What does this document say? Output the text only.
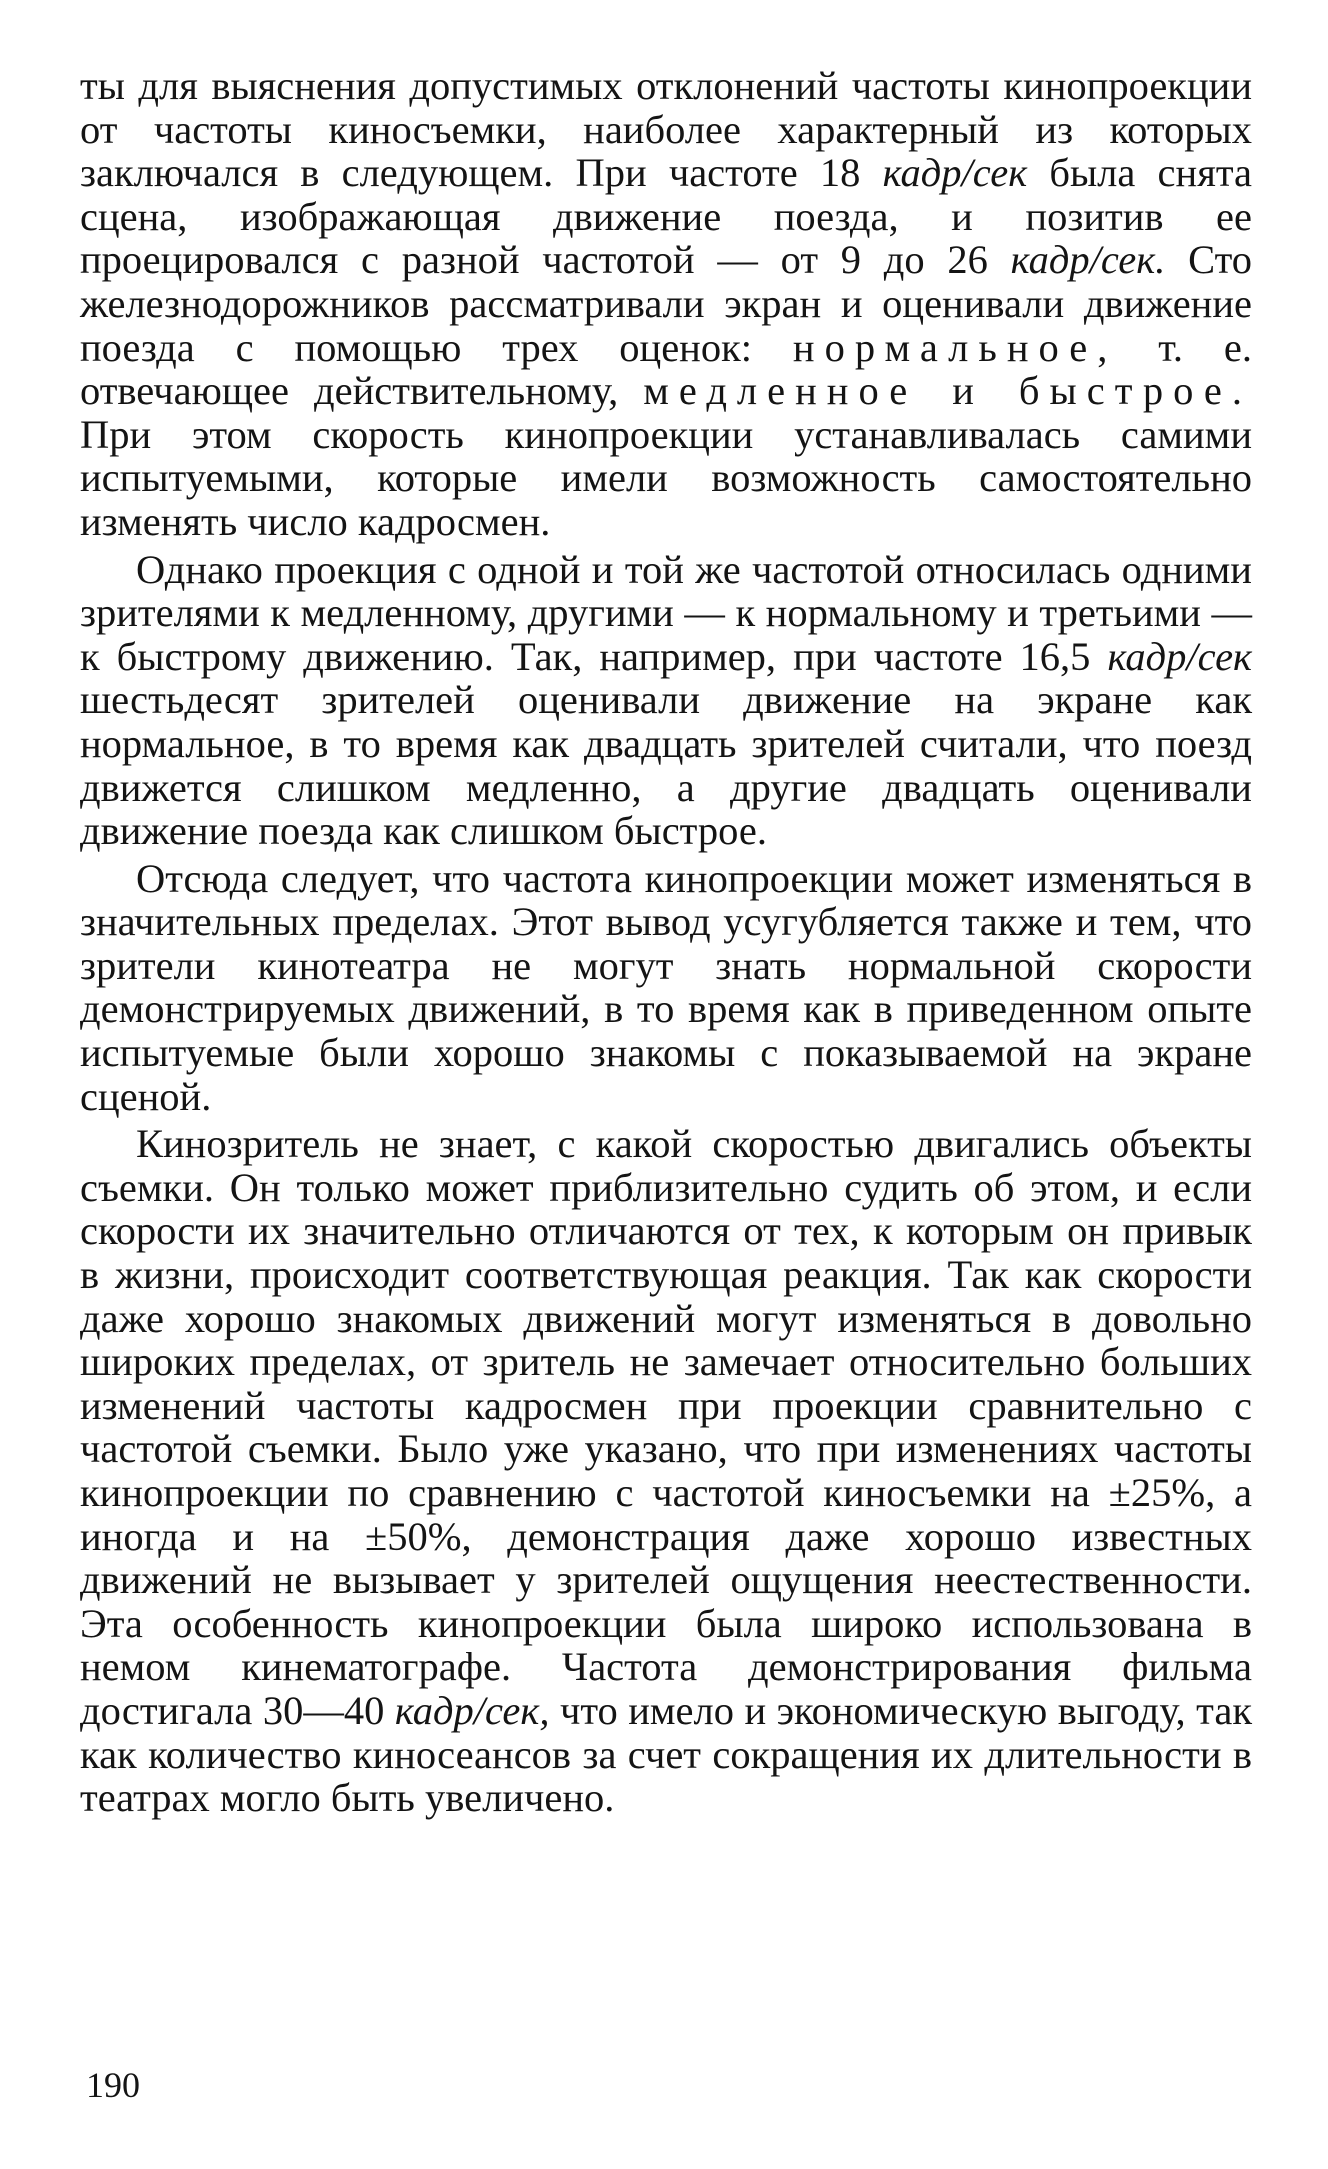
ты для выяснения допустимых отклонений частоты кинопроекции от частоты киносъемки, наиболее характерный из которых заключался в следующем. При частоте 18 кадр/сек была снята сцена, изображающая движение поезда, и позитив ее проецировался с разной частотой — от 9 до 26 кадр/сек. Сто железнодорожников рассматривали экран и оценивали движение поезда с помощью трех оценок: нормальное, т. е. отвечающее действительному, медленное и быстрое. При этом скорость кинопроекции устанавливалась самими испытуемыми, которые имели возможность самостоятельно изменять число кадросмен.

Однако проекция с одной и той же частотой относилась одними зрителями к медленному, другими — к нормальному и третьими — к быстрому движению. Так, например, при частоте 16,5 кадр/сек шестьдесят зрителей оценивали движение на экране как нормальное, в то время как двадцать зрителей считали, что поезд движется слишком медленно, а другие двадцать оценивали движение поезда как слишком быстрое.

Отсюда следует, что частота кинопроекции может изменяться в значительных пределах. Этот вывод усугубляется также и тем, что зрители кинотеатра не могут знать нормальной скорости демонстрируемых движений, в то время как в приведенном опыте испытуемые были хорошо знакомы с показываемой на экране сценой.

Кинозритель не знает, с какой скоростью двигались объекты съемки. Он только может приблизительно судить об этом, и если скорости их значительно отличаются от тех, к которым он привык в жизни, происходит соответствующая реакция. Так как скорости даже хорошо знакомых движений могут изменяться в довольно широких пределах, от зритель не замечает относительно больших изменений частоты кадросмен при проекции сравнительно с частотой съемки. Было уже указано, что при изменениях частоты кинопроекции по сравнению с частотой киносъемки на ±25%, а иногда и на ±50%, демонстрация даже хорошо известных движений не вызывает у зрителей ощущения неестественности. Эта особенность кинопроекции была широко использована в немом кинематографе. Частота демонстрирования фильма достигала 30—40 кадр/сек, что имело и экономическую выгоду, так как количество киносеансов за счет сокращения их длительности в театрах могло быть увеличено.

190
